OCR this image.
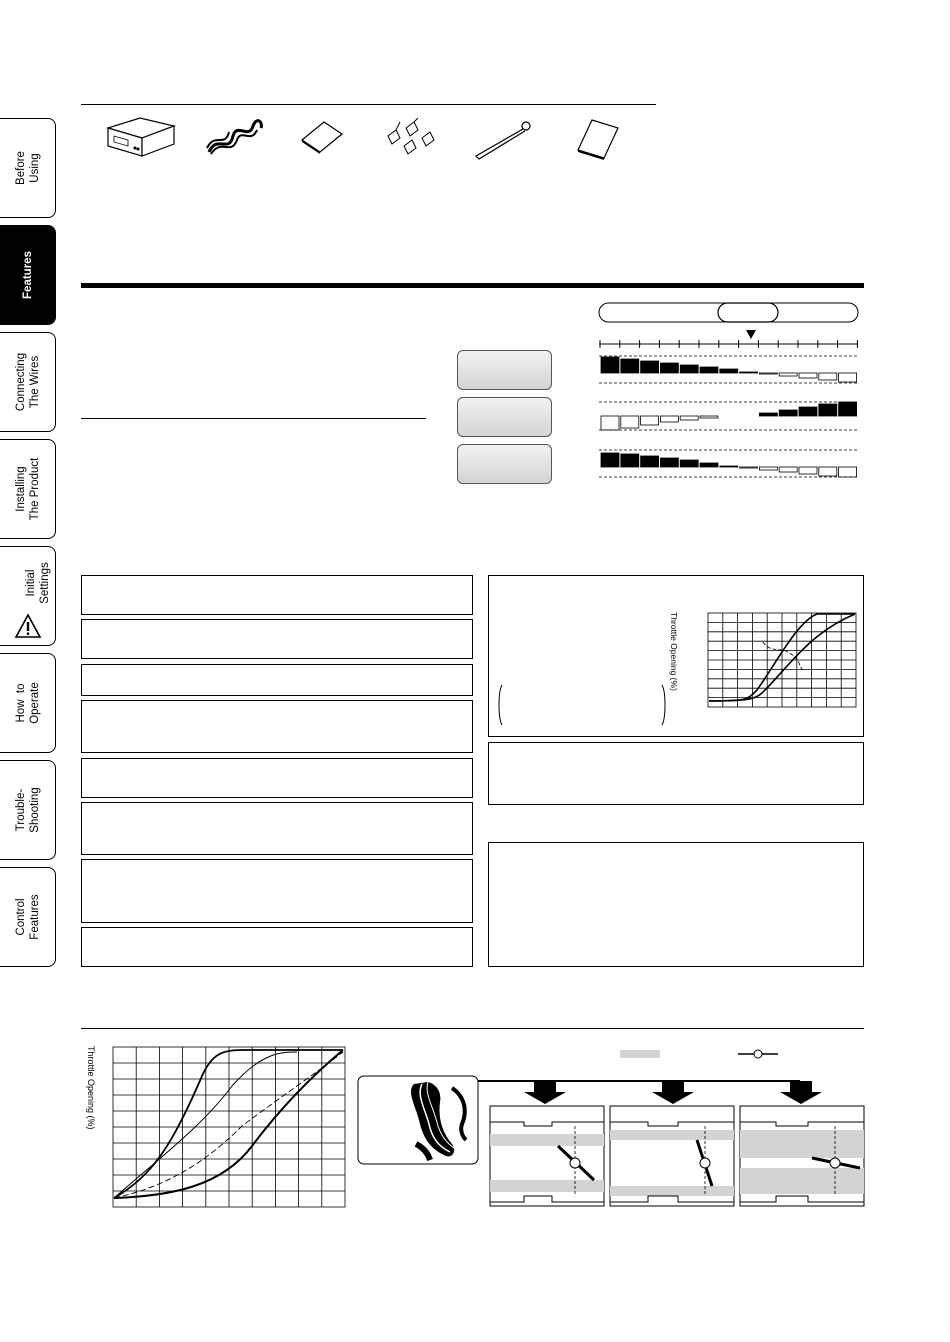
Before
Using
Features
Connecting
The Wires
Installing
The Product
Initial
Settings
How  to
Operate
Trouble-
Shooting
Control
Features
Throttle Opening (%)
Throttle Opening (%)
